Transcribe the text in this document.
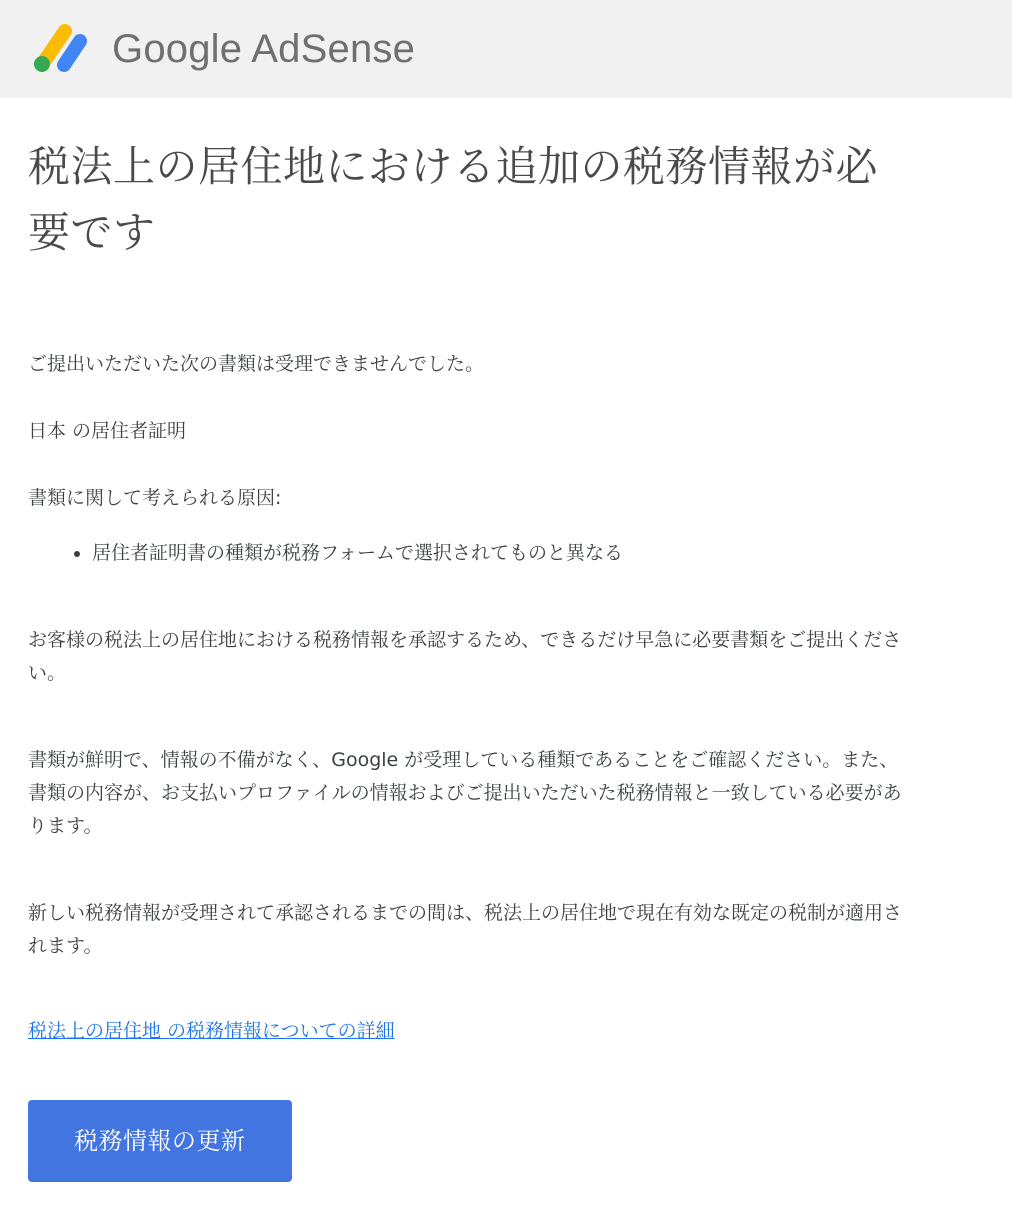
Google AdSense
税法上の居住地における追加の税務情報が必要です

ご提出いただいた次の書類は受理できませんでした。

日本 の居住者証明

書類に関して考えられる原因:

• 居住者証明書の種類が税務フォームで選択されてものと異なる

お客様の税法上の居住地における税務情報を承認するため、できるだけ早急に必要書類をご提出ください。

書類が鮮明で、情報の不備がなく、Google が受理している種類であることをご確認ください。また、書類の内容が、お支払いプロファイルの情報およびご提出いただいた税務情報と一致している必要があります。

新しい税務情報が受理されて承認されるまでの間は、税法上の居住地で現在有効な既定の税制が適用されます。

税法上の居住地 の税務情報についての詳細
税務情報の更新
